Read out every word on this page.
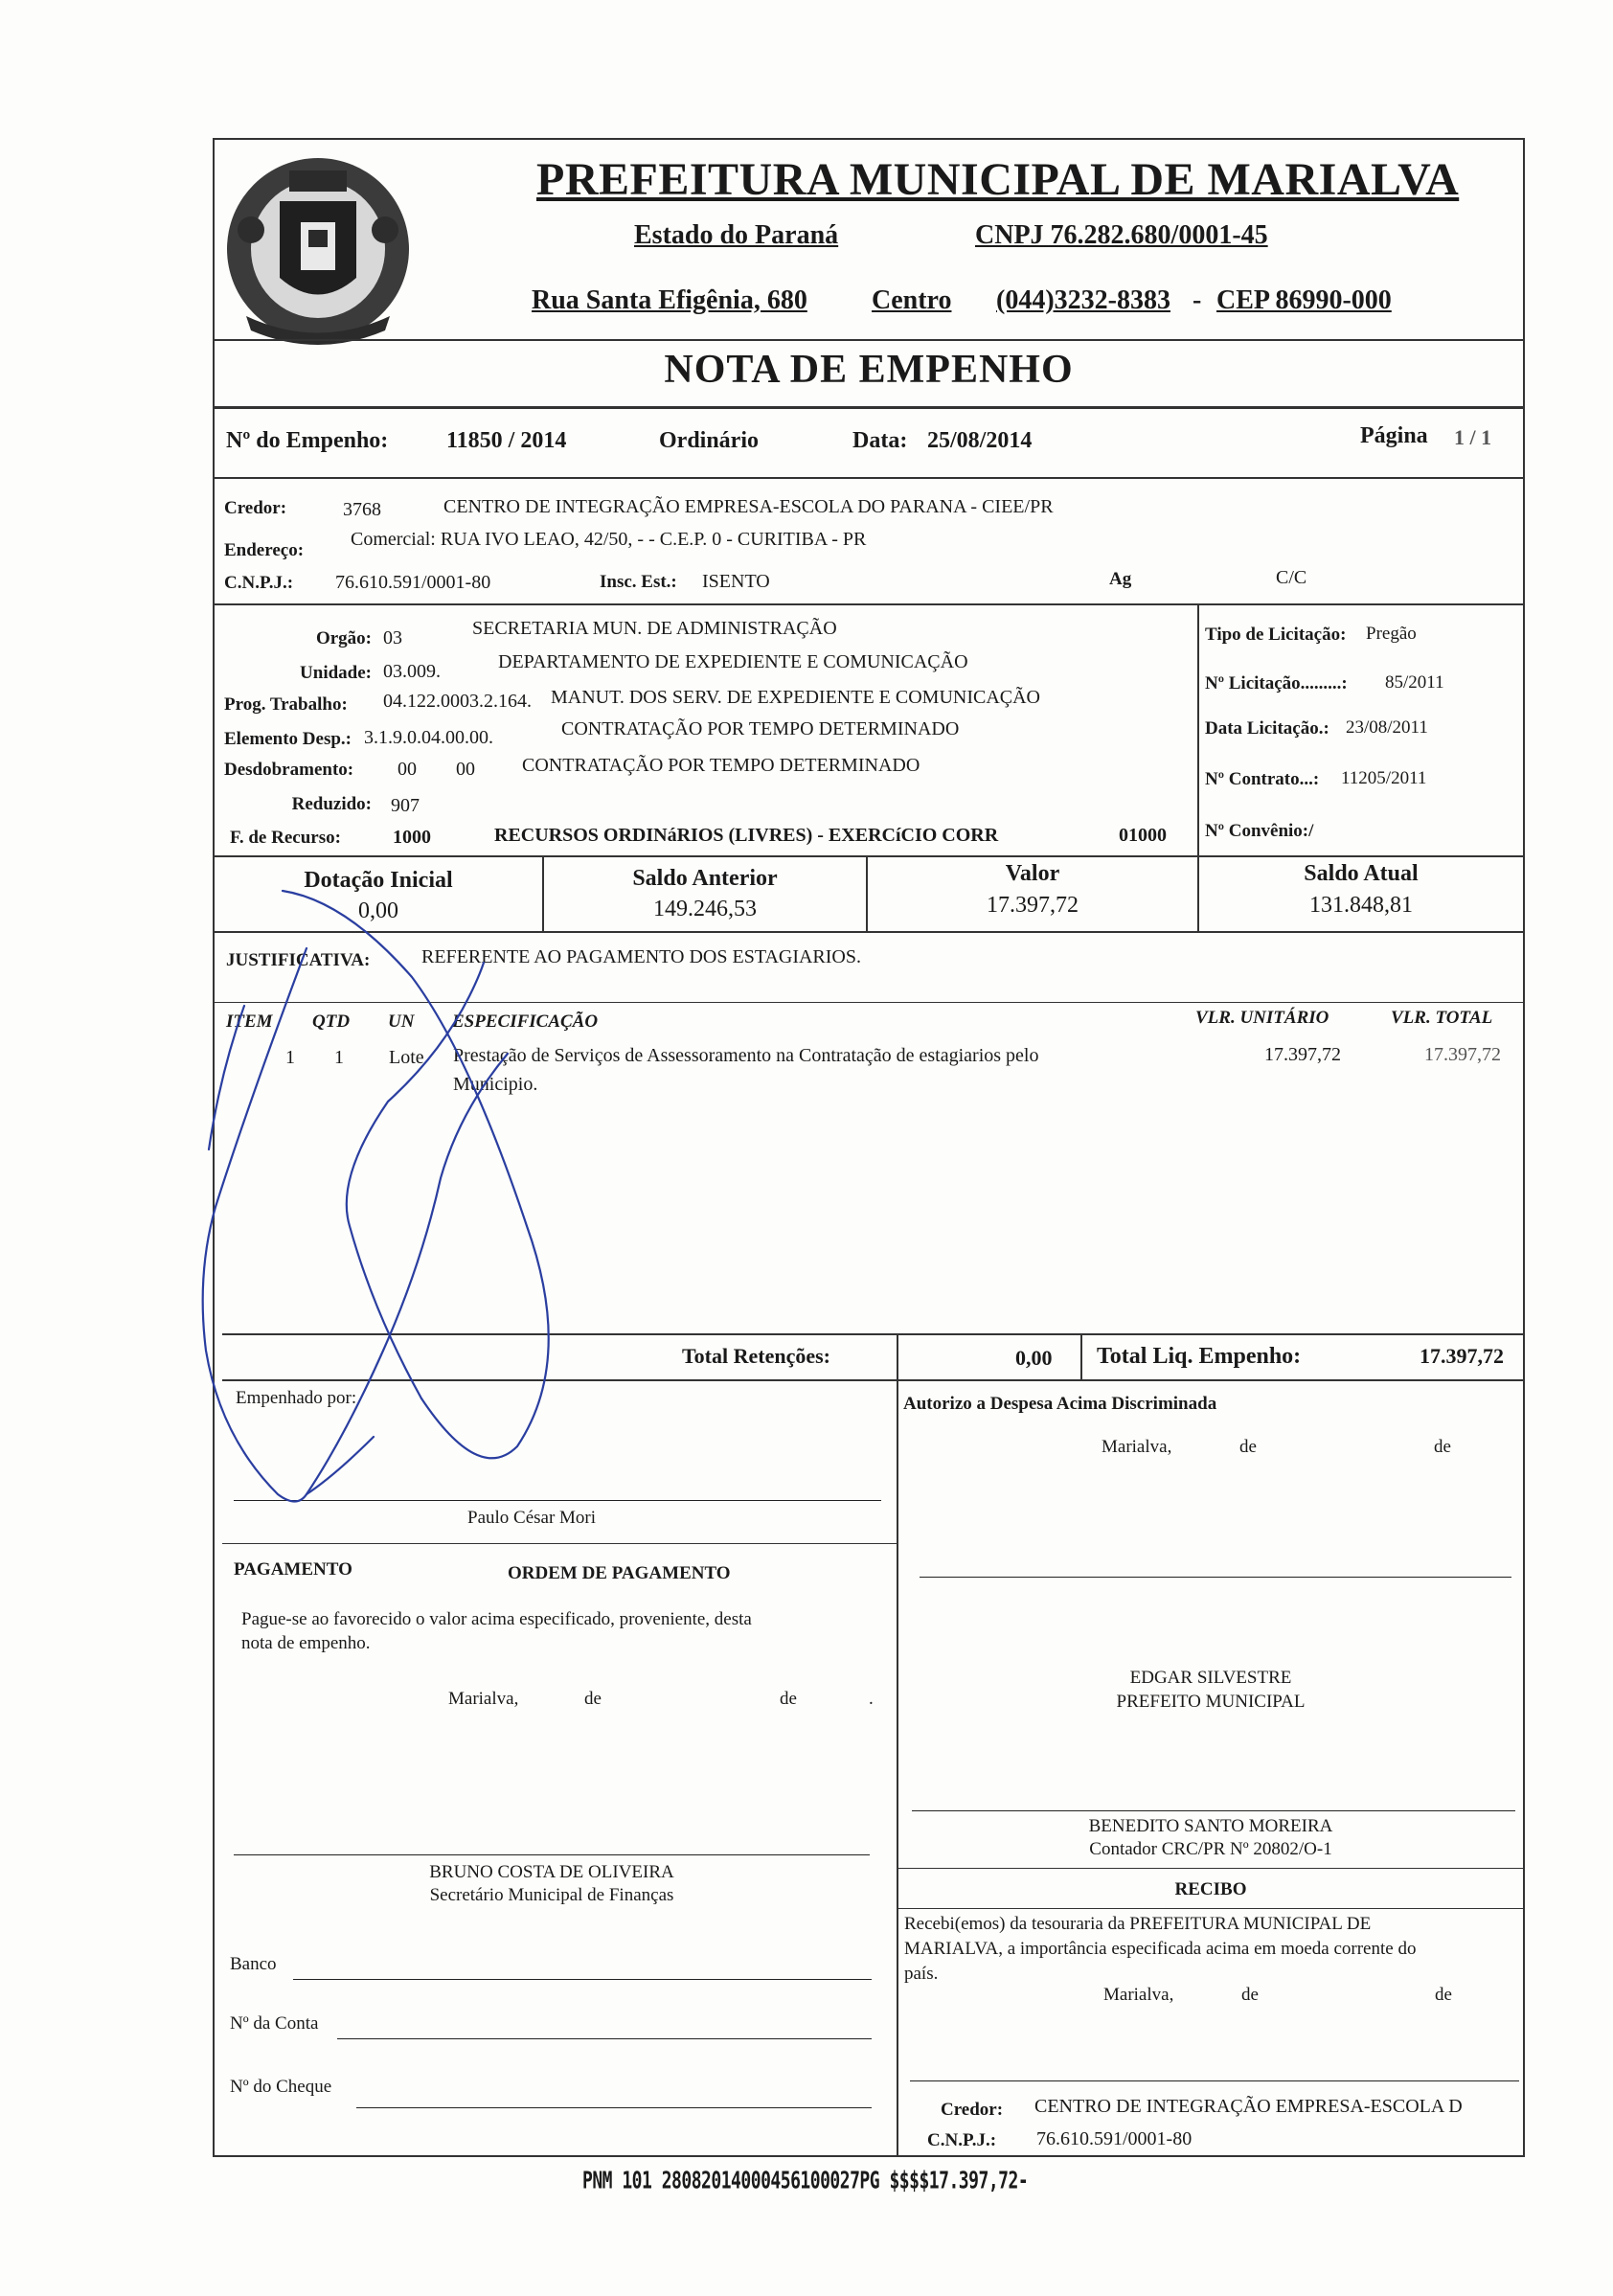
PREFEITURA MUNICIPAL DE MARIALVA
Estado do Paraná	CNPJ 76.282.680/0001-45
Rua Santa Efigênia, 680 Centro (044)3232-8383 - CEP 86990-000
NOTA DE EMPENHO
Nº do Empenho:	11850 / 2014	Ordinário	Data: 25/08/2014	Página 1 / 1
Credor:	3768	CENTRO DE INTEGRAÇÃO EMPRESA-ESCOLA DO PARANA - CIEE/PR
Endereço:
Comercial: RUA IVO LEAO, 42/50, - - C.E.P. 0 - CURITIBA - PR
C.N.P.J.: 76.610.591/0001-80	Insc. Est.: ISENTO	Ag	C/C
Orgão: 03	SECRETARIA MUN. DE ADMINISTRAÇÃO
Unidade: 03.009.	DEPARTAMENTO DE EXPEDIENTE E COMUNICAÇÃO
Prog. Trabalho: 04.122.0003.2.164. MANUT. DOS SERV. DE EXPEDIENTE E COMUNICAÇÃO
Elemento Desp.: 3.1.9.0.04.00.00.	CONTRATAÇÃO POR TEMPO DETERMINADO
Desdobramento: 00 00 CONTRATAÇÃO POR TEMPO DETERMINADO
Reduzido: 907
F. de Recurso:	1000	RECURSOS ORDINáRIOS (LIVRES) - EXERCíCIO CORR	01000
Tipo de Licitação: Pregão
Nº Licitação.........: 85/2011
Data Licitação.: 23/08/2011
Nº Contrato...: 11205/2011
Nº Convênio:/
Dotação Inicial
0,00
Saldo Anterior
149.246,53
Valor
17.397,72
Saldo Atual
131.848,81
JUSTIFICATIVA:	REFERENTE AO PAGAMENTO DOS ESTAGIARIOS.
ITEM QTD UN ESPECIFICAÇÃO	VLR. UNITÁRIO	VLR. TOTAL
1 1 Lote Prestação de Serviços de Assessoramento na Contratação de estagiarios pelo
Municipio.
17.397,72	17.397,72
Total Retenções:	0,00 Total Liq. Empenho:	17.397,72
Empenhado por:
Paulo César Mori
Autorizo a Despesa Acima Discriminada
Marialva,	de	de
EDGAR SILVESTRE
PREFEITO MUNICIPAL
PAGAMENTO	ORDEM DE PAGAMENTO
Pague-se ao favorecido o valor acima especificado, proveniente, desta
nota de empenho.
Marialva,	de	de	.
BRUNO COSTA DE OLIVEIRA
Secretário Municipal de Finanças
BENEDITO SANTO MOREIRA
Contador CRC/PR Nº 20802/O-1
RECIBO
Recebi(emos) da tesouraria da PREFEITURA MUNICIPAL DE
MARIALVA, a importância especificada acima em moeda corrente do
país.
Marialva,	de	de
Credor: CENTRO DE INTEGRAÇÃO EMPRESA-ESCOLA D
C.N.P.J.: 76.610.591/0001-80
Banco
Nº da Conta
Nº do Cheque
PNM 101 28082014000456100027PG $$$$17.397,72-
